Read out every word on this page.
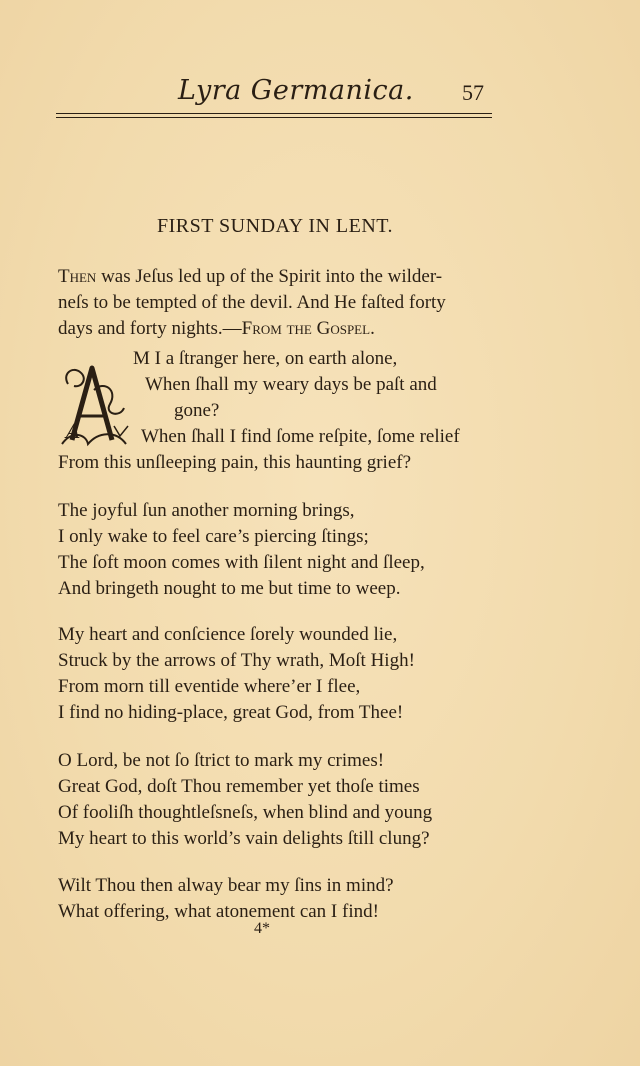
Lyra Germanica. 57
FIRST SUNDAY IN LENT.
Then was Jeſus led up of the Spirit into the wilder-
neſs to be tempted of the devil. And He faſted forty
days and forty nights.—From the Gospel.
A
M I a ſtranger here, on earth alone,
When ſhall my weary days be paſt and
gone?
When ſhall I find ſome reſpite, ſome relief
From this unſleeping pain, this haunting grief?
The joyful ſun another morning brings,
I only wake to feel care’s piercing ſtings;
The ſoft moon comes with ſilent night and ſleep,
And bringeth nought to me but time to weep.
My heart and conſcience ſorely wounded lie,
Struck by the arrows of Thy wrath, Moſt High!
From morn till eventide where’er I flee,
I find no hiding-place, great God, from Thee!
O Lord, be not ſo ſtrict to mark my crimes!
Great God, doſt Thou remember yet thoſe times
Of fooliſh thoughtleſsneſs, when blind and young
My heart to this world’s vain delights ſtill clung?
Wilt Thou then alway bear my ſins in mind?
What offering, what atonement can I find!
4*
